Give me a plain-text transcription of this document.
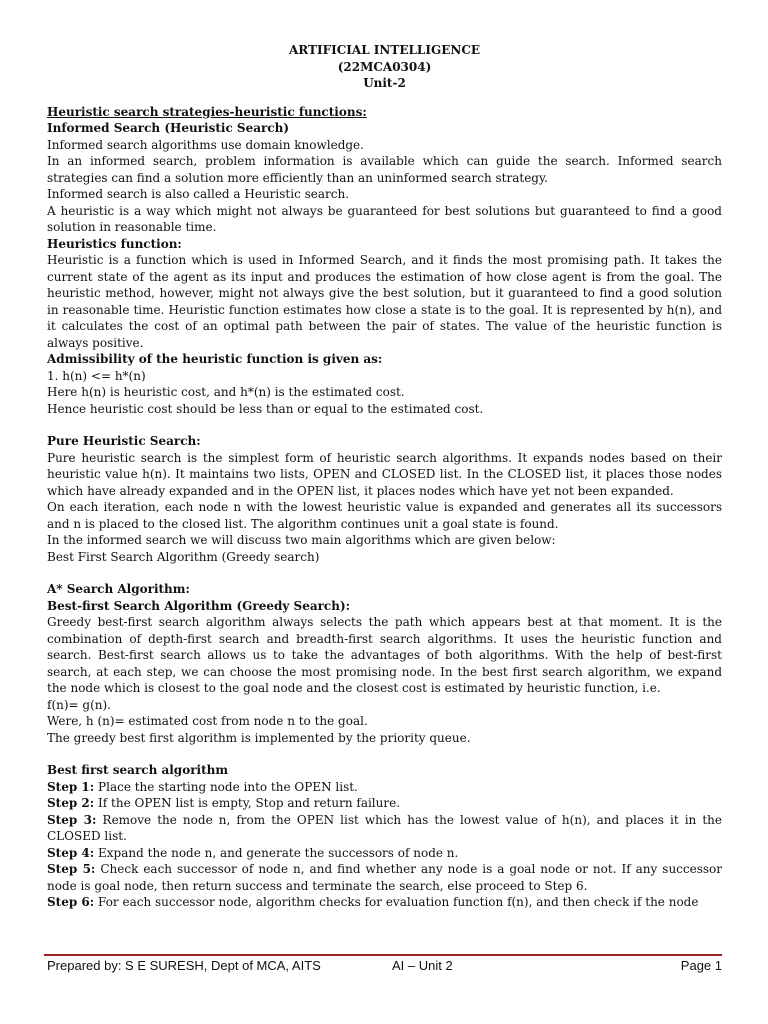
ARTIFICIAL INTELLIGENCE

(22MCA0304)

Unit-2

Heuristic search strategies-heuristic functions:

Informed Search (Heuristic Search)

Informed search algorithms use domain knowledge.

In an informed search, problem information is available which can guide the search. Informed search strategies can find a solution more efficiently than an uninformed search strategy.

Informed search is also called a Heuristic search.

A heuristic is a way which might not always be guaranteed for best solutions but guaranteed to find a good solution in reasonable time.

Heuristics function:

Heuristic is a function which is used in Informed Search, and it finds the most promising path. It takes the current state of the agent as its input and produces the estimation of how close agent is from the goal. The heuristic method, however, might not always give the best solution, but it guaranteed to find a good solution in reasonable time. Heuristic function estimates how close a state is to the goal. It is represented by h(n), and it calculates the cost of an optimal path between the pair of states. The value of the heuristic function is always positive.

Admissibility of the heuristic function is given as:

1. h(n) <= h*(n)

Here h(n) is heuristic cost, and h*(n) is the estimated cost.

Hence heuristic cost should be less than or equal to the estimated cost.

Pure Heuristic Search:

Pure heuristic search is the simplest form of heuristic search algorithms. It expands nodes based on their heuristic value h(n). It maintains two lists, OPEN and CLOSED list. In the CLOSED list, it places those nodes which have already expanded and in the OPEN list, it places nodes which have yet not been expanded.

On each iteration, each node n with the lowest heuristic value is expanded and generates all its successors and n is placed to the closed list. The algorithm continues unit a goal state is found.

In the informed search we will discuss two main algorithms which are given below:

Best First Search Algorithm (Greedy search)

A* Search Algorithm:

Best-first Search Algorithm (Greedy Search):

Greedy best-first search algorithm always selects the path which appears best at that moment. It is the combination of depth-first search and breadth-first search algorithms. It uses the heuristic function and search. Best-first search allows us to take the advantages of both algorithms. With the help of best-first search, at each step, we can choose the most promising node. In the best first search algorithm, we expand the node which is closest to the goal node and the closest cost is estimated by heuristic function, i.e.

f(n)= g(n).

Were, h (n)= estimated cost from node n to the goal.

The greedy best first algorithm is implemented by the priority queue.

Best first search algorithm

Step 1: Place the starting node into the OPEN list.

Step 2: If the OPEN list is empty, Stop and return failure.

Step 3: Remove the node n, from the OPEN list which has the lowest value of h(n), and places it in the CLOSED list.

Step 4: Expand the node n, and generate the successors of node n.

Step 5: Check each successor of node n, and find whether any node is a goal node or not. If any successor node is goal node, then return success and terminate the search, else proceed to Step 6.

Step 6: For each successor node, algorithm checks for evaluation function f(n), and then check if the node

Prepared by: S E SURESH, Dept of MCA, AITS	AI – Unit 2	Page 1
